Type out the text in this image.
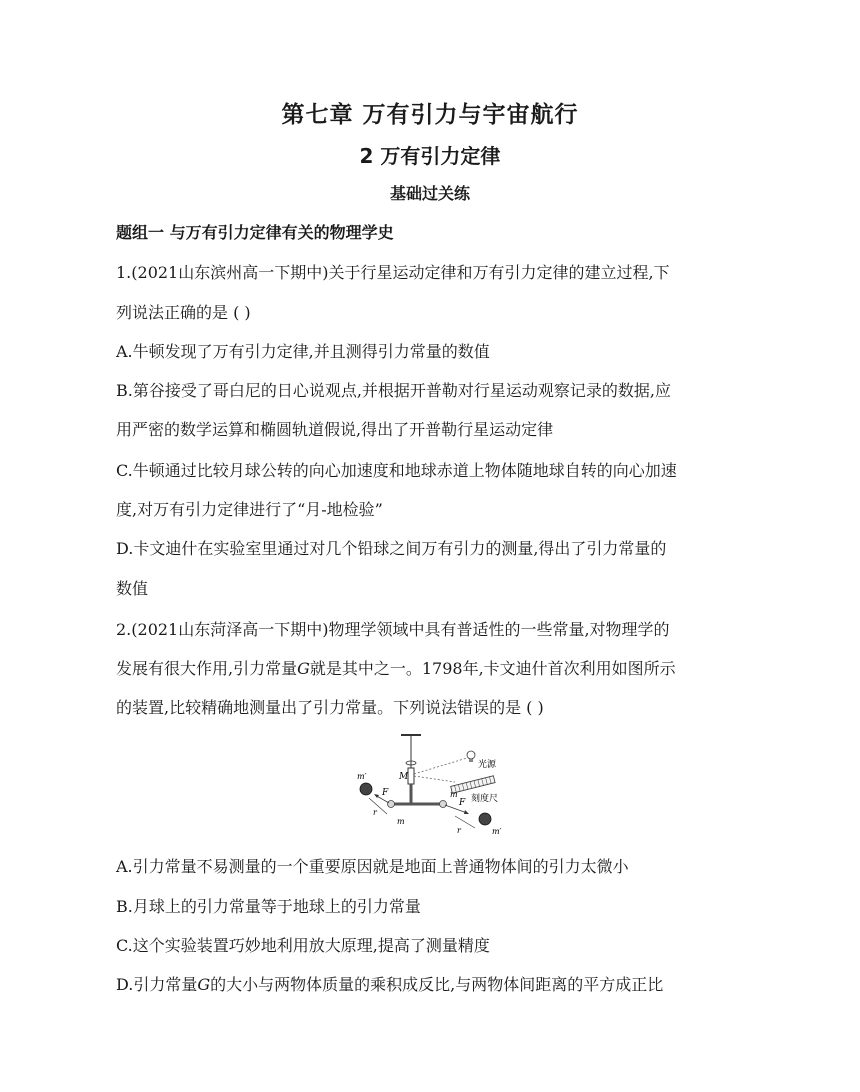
第七章 万有引力与宇宙航行
2 万有引力定律
基础过关练
题组一 与万有引力定律有关的物理学史
1.(2021山东滨州高一下期中)关于行星运动定律和万有引力定律的建立过程,下
列说法正确的是 ( )
A.牛顿发现了万有引力定律,并且测得引力常量的数值
B.第谷接受了哥白尼的日心说观点,并根据开普勒对行星运动观察记录的数据,应
用严密的数学运算和椭圆轨道假说,得出了开普勒行星运动定律
C.牛顿通过比较月球公转的向心加速度和地球赤道上物体随地球自转的向心加速
度,对万有引力定律进行了“月-地检验”
D.卡文迪什在实验室里通过对几个铅球之间万有引力的测量,得出了引力常量的
数值
2.(2021山东菏泽高一下期中)物理学领域中具有普适性的一些常量,对物理学的
发展有很大作用,引力常量G就是其中之一。1798年,卡文迪什首次利用如图所示
的装置,比较精确地测量出了引力常量。下列说法错误的是 ( )
光源
刻度尺
M
m′
m′
m
m
F
F
r
r
A.引力常量不易测量的一个重要原因就是地面上普通物体间的引力太微小
B.月球上的引力常量等于地球上的引力常量
C.这个实验装置巧妙地利用放大原理,提高了测量精度
D.引力常量G的大小与两物体质量的乘积成反比,与两物体间距离的平方成正比
